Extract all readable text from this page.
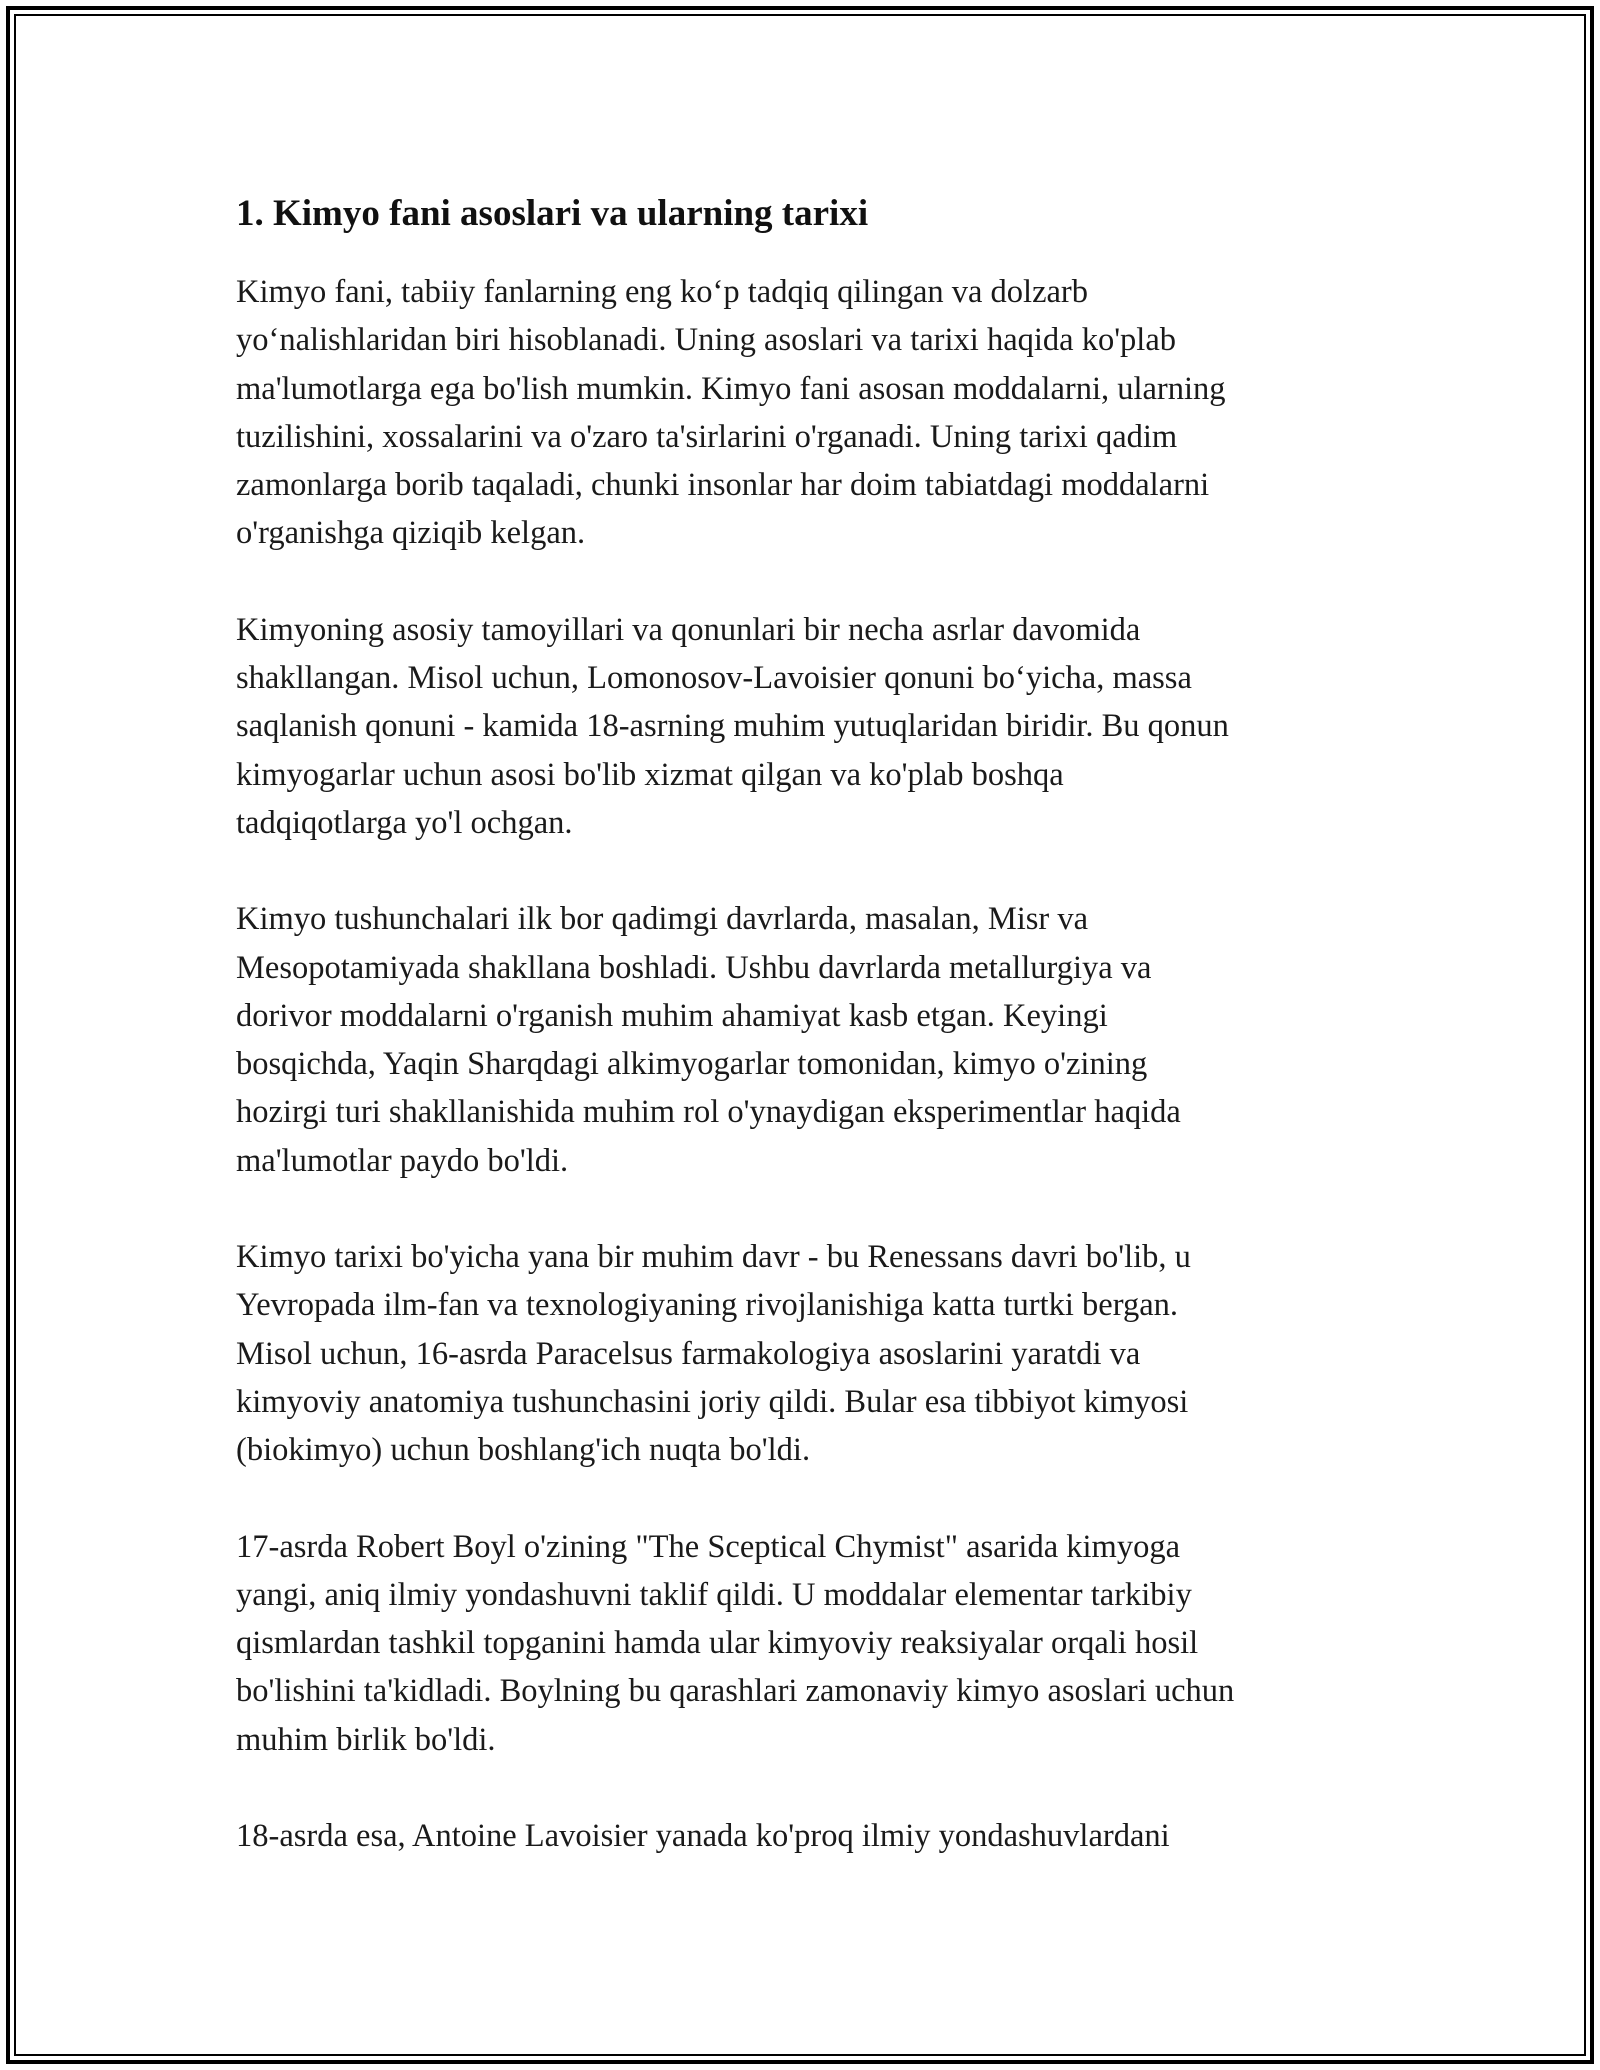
1. Kimyo fani asoslari va ularning tarixi

Kimyo fani, tabiiy fanlarning eng ko‘p tadqiq qilingan va dolzarb
yo‘nalishlaridan biri hisoblanadi. Uning asoslari va tarixi haqida ko'plab
ma'lumotlarga ega bo'lish mumkin. Kimyo fani asosan moddalarni, ularning
tuzilishini, xossalarini va o'zaro ta'sirlarini o'rganadi. Uning tarixi qadim
zamonlarga borib taqaladi, chunki insonlar har doim tabiatdagi moddalarni
o'rganishga qiziqib kelgan.

Kimyoning asosiy tamoyillari va qonunlari bir necha asrlar davomida
shakllangan. Misol uchun, Lomonosov-Lavoisier qonuni bo‘yicha, massa
saqlanish qonuni - kamida 18-asrning muhim yutuqlaridan biridir. Bu qonun
kimyogarlar uchun asosi bo'lib xizmat qilgan va ko'plab boshqa
tadqiqotlarga yo'l ochgan.

Kimyo tushunchalari ilk bor qadimgi davrlarda, masalan, Misr va
Mesopotamiyada shakllana boshladi. Ushbu davrlarda metallurgiya va
dorivor moddalarni o'rganish muhim ahamiyat kasb etgan. Keyingi
bosqichda, Yaqin Sharqdagi alkimyogarlar tomonidan, kimyo o'zining
hozirgi turi shakllanishida muhim rol o'ynaydigan eksperimentlar haqida
ma'lumotlar paydo bo'ldi.

Kimyo tarixi bo'yicha yana bir muhim davr - bu Renessans davri bo'lib, u
Yevropada ilm-fan va texnologiyaning rivojlanishiga katta turtki bergan.
Misol uchun, 16-asrda Paracelsus farmakologiya asoslarini yaratdi va
kimyoviy anatomiya tushunchasini joriy qildi. Bular esa tibbiyot kimyosi
(biokimyo) uchun boshlang'ich nuqta bo'ldi.

17-asrda Robert Boyl o'zining "The Sceptical Chymist" asarida kimyoga
yangi, aniq ilmiy yondashuvni taklif qildi. U moddalar elementar tarkibiy
qismlardan tashkil topganini hamda ular kimyoviy reaksiyalar orqali hosil
bo'lishini ta'kidladi. Boylning bu qarashlari zamonaviy kimyo asoslari uchun
muhim birlik bo'ldi.

18-asrda esa, Antoine Lavoisier yanada ko'proq ilmiy yondashuvlardani
